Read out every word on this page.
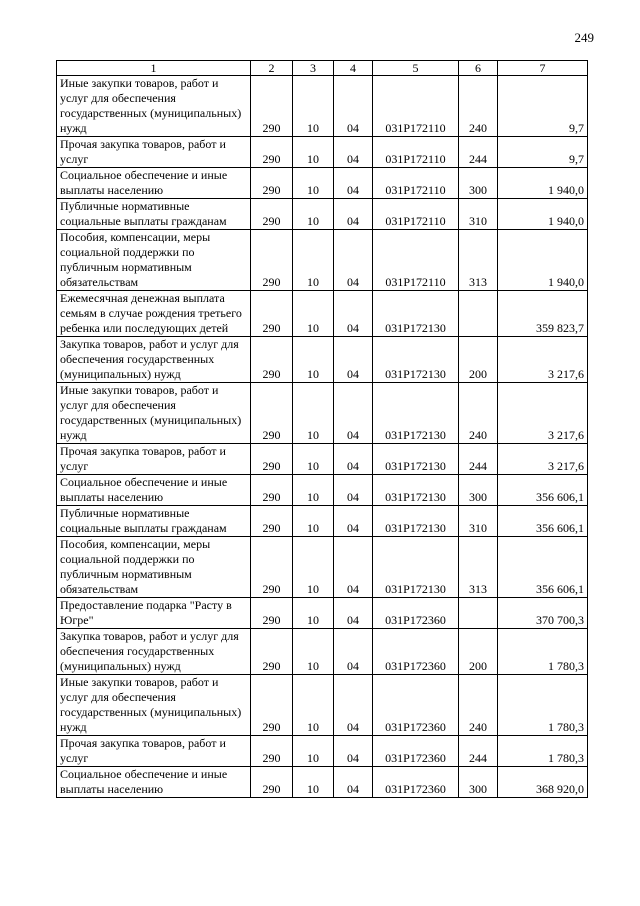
249
1	2	3	4	5	6	7
Иные закупки товаров, работ и услуг для обеспечения государственных (муниципальных) нужд	290	10	04	031P172110	240	9,7
Прочая закупка товаров, работ и услуг	290	10	04	031P172110	244	9,7
Социальное обеспечение и иные выплаты населению	290	10	04	031P172110	300	1 940,0
Публичные нормативные социальные выплаты гражданам	290	10	04	031P172110	310	1 940,0
Пособия, компенсации, меры социальной поддержки по публичным нормативным обязательствам	290	10	04	031P172110	313	1 940,0
Ежемесячная денежная выплата семьям в случае рождения третьего ребенка или последующих детей	290	10	04	031P172130		359 823,7
Закупка товаров, работ и услуг для обеспечения государственных (муниципальных) нужд	290	10	04	031P172130	200	3 217,6
Иные закупки товаров, работ и услуг для обеспечения государственных (муниципальных) нужд	290	10	04	031P172130	240	3 217,6
Прочая закупка товаров, работ и услуг	290	10	04	031P172130	244	3 217,6
Социальное обеспечение и иные выплаты населению	290	10	04	031P172130	300	356 606,1
Публичные нормативные социальные выплаты гражданам	290	10	04	031P172130	310	356 606,1
Пособия, компенсации, меры социальной поддержки по публичным нормативным обязательствам	290	10	04	031P172130	313	356 606,1
Предоставление подарка "Расту в Югре"	290	10	04	031P172360		370 700,3
Закупка товаров, работ и услуг для обеспечения государственных (муниципальных) нужд	290	10	04	031P172360	200	1 780,3
Иные закупки товаров, работ и услуг для обеспечения государственных (муниципальных) нужд	290	10	04	031P172360	240	1 780,3
Прочая закупка товаров, работ и услуг	290	10	04	031P172360	244	1 780,3
Социальное обеспечение и иные выплаты населению	290	10	04	031P172360	300	368 920,0
